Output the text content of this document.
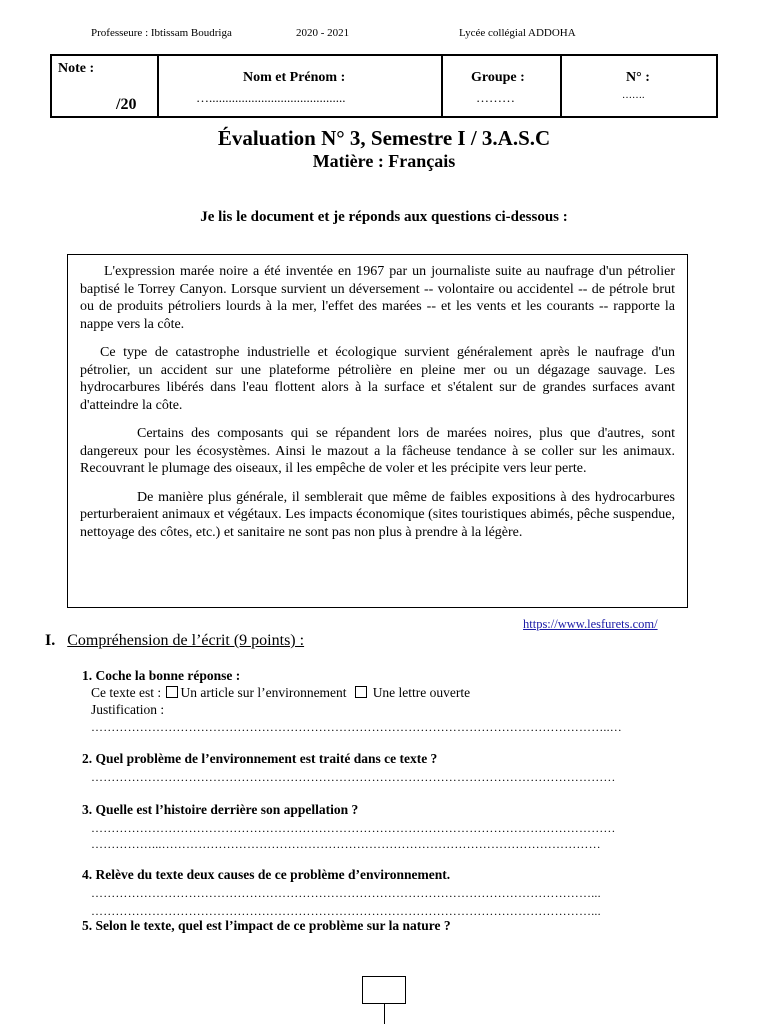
Professeure : Ibtissam Boudriga	2020 - 2021	Lycée collégial ADDOHA
Note :
/20
Nom et Prénom :
…..........................................
Groupe :
………
N° :
…….
Évaluation N° 3, Semestre I / 3.A.S.C
Matière : Français
Je lis le document et je réponds aux questions ci-dessous :

L'expression marée noire a été inventée en 1967 par un journaliste suite au naufrage d'un pétrolier baptisé le Torrey Canyon. Lorsque survient un déversement -- volontaire ou accidentel -- de pétrole brut ou de produits pétroliers lourds à la mer, l'effet des marées -- et les vents et les courants -- rapporte la nappe vers la côte.

Ce type de catastrophe industrielle et écologique survient généralement après le naufrage d'un pétrolier, un accident sur une plateforme pétrolière en pleine mer ou un dégazage sauvage. Les hydrocarbures libérés dans l'eau flottent alors à la surface et s'étalent sur de grandes surfaces avant d'atteindre la côte.

Certains des composants qui se répandent lors de marées noires, plus que d'autres, sont dangereux pour les écosystèmes. Ainsi le mazout a la fâcheuse tendance à se coller sur les animaux. Recouvrant le plumage des oiseaux, il les empêche de voler et les précipite vers leur perte.

De manière plus générale, il semblerait que même de faibles expositions à des hydrocarbures perturberaient animaux et végétaux. Les impacts économique (sites touristiques abimés, pêche suspendue, nettoyage des côtes, etc.) et sanitaire ne sont pas non plus à prendre à la légère.

https://www.lesfurets.com/
I. Compréhension de l’écrit (9 points) :
1. Coche la bonne réponse :
Ce texte est : Un article sur l’environnement Une lettre ouverte
Justification :
………………………………………………………………………………………………………………..…
2. Quel problème de l’environnement est traité dans ce texte ?
…………………………………………………………………………………………………………………
3. Quelle est l’histoire derrière son appellation ?
…………………………………………………………………………………………………………………
……………...………………………………………………………………………………………………
4. Relève du texte deux causes de ce problème d’environnement.
……………………………………………………………………………………………………………...
……………………………………………………………………………………………………………...
5. Selon le texte, quel est l’impact de ce problème sur la nature ?
